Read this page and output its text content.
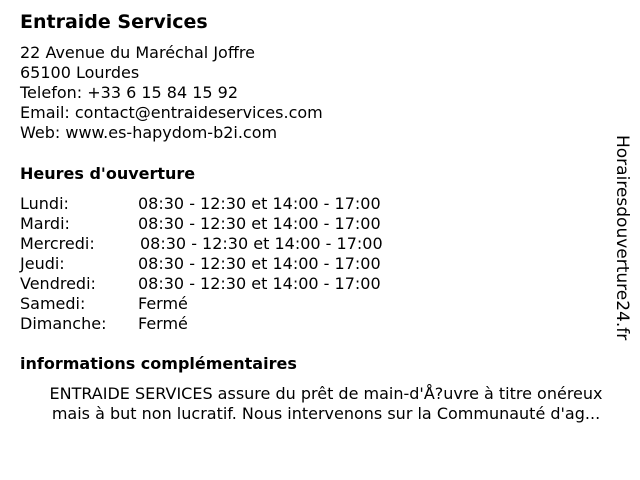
Entraide Services
22 Avenue du Maréchal Joffre
65100 Lourdes
Telefon: +33 6 15 84 15 92
Email: contact@entraideservices.com
Web: www.es-hapydom-b2i.com
Heures d'ouverture
Lundi:	08:30 - 12:30 et 14:00 - 17:00
Mardi:	08:30 - 12:30 et 14:00 - 17:00
Mercredi:	08:30 - 12:30 et 14:00 - 17:00
Jeudi:	08:30 - 12:30 et 14:00 - 17:00
Vendredi:	08:30 - 12:30 et 14:00 - 17:00
Samedi:	Fermé
Dimanche: Fermé
informations complémentaires
ENTRAIDE SERVICES assure du prêt de main-d'Å?uvre à titre onéreux
mais à but non lucratif. Nous intervenons sur la Communauté d'ag...
Horairesdouverture24.fr
